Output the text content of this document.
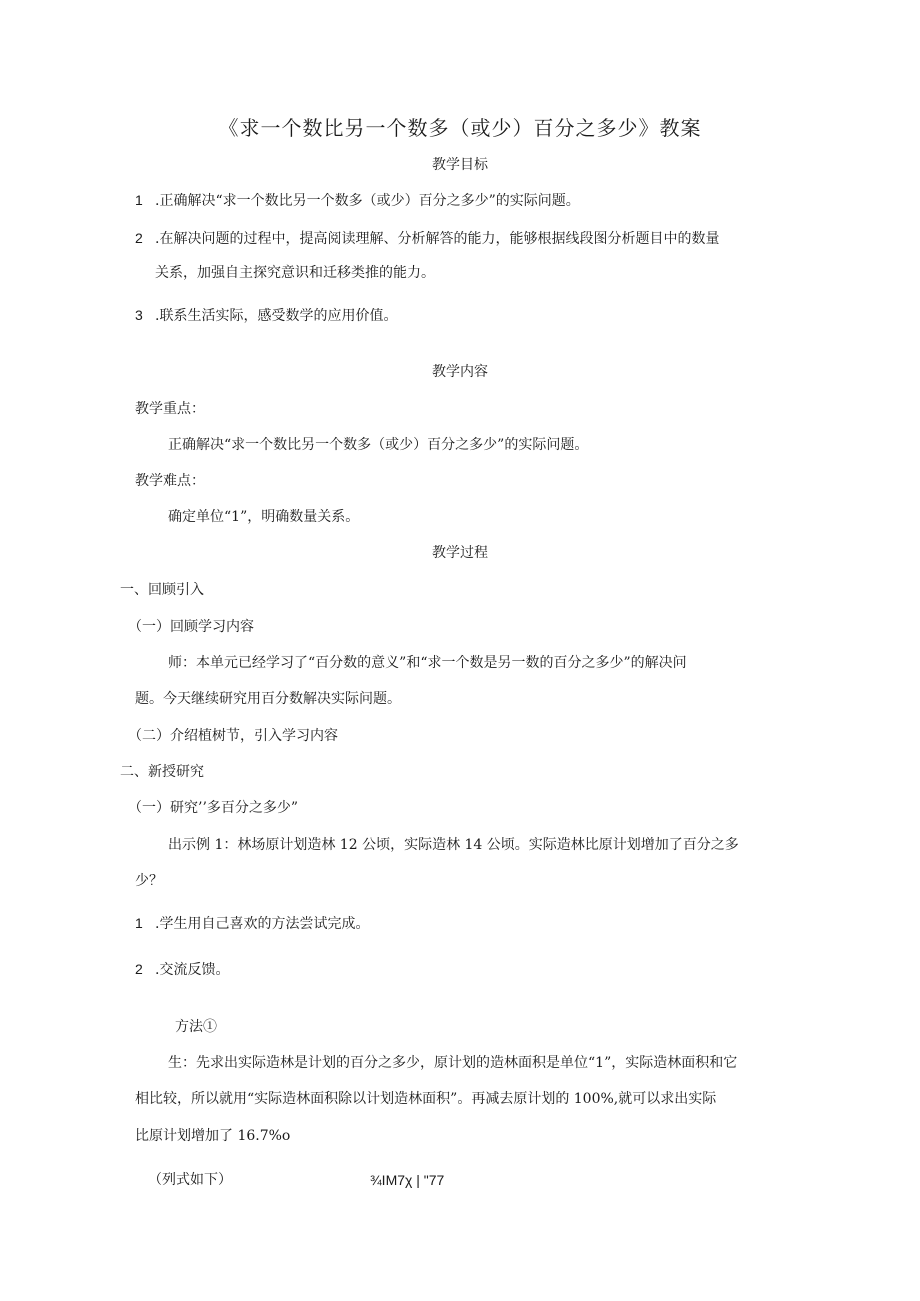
《求一个数比另一个数多（或少）百分之多少》教案
教学目标
1 .正确解决“求一个数比另一个数多（或少）百分之多少”的实际问题。
2 .在解决问题的过程中，提高阅读理解、分析解答的能力，能够根据线段图分析题目中的数量
关系，加强自主探究意识和迁移类推的能力。
3 .联系生活实际，感受数学的应用价值。
教学内容
教学重点：
正确解决“求一个数比另一个数多（或少）百分之多少”的实际问题。
教学难点：
确定单位“1”，明确数量关系。
教学过程
一、回顾引入
（一）回顾学习内容
师：本单元已经学习了“百分数的意义”和“求一个数是另一数的百分之多少”的解决问
题。今天继续研究用百分数解决实际问题。
（二）介绍植树节，引入学习内容
二、新授研究
（一）研究’’多百分之多少”
出示例 1：林场原计划造林 12 公顷，实际造林 14 公顷。实际造林比原计划增加了百分之多
少？
1 .学生用自己喜欢的方法尝试完成。
2 .交流反馈。
方法①
生：先求出实际造林是计划的百分之多少，原计划的造林面积是单位“1”，实际造林面积和它
相比较，所以就用“实际造林面积除以计划造林面积”。再减去原计划的 100%,就可以求出实际
比原计划增加了 16.7%o
（列式如下）	¾IM7χ | "77
